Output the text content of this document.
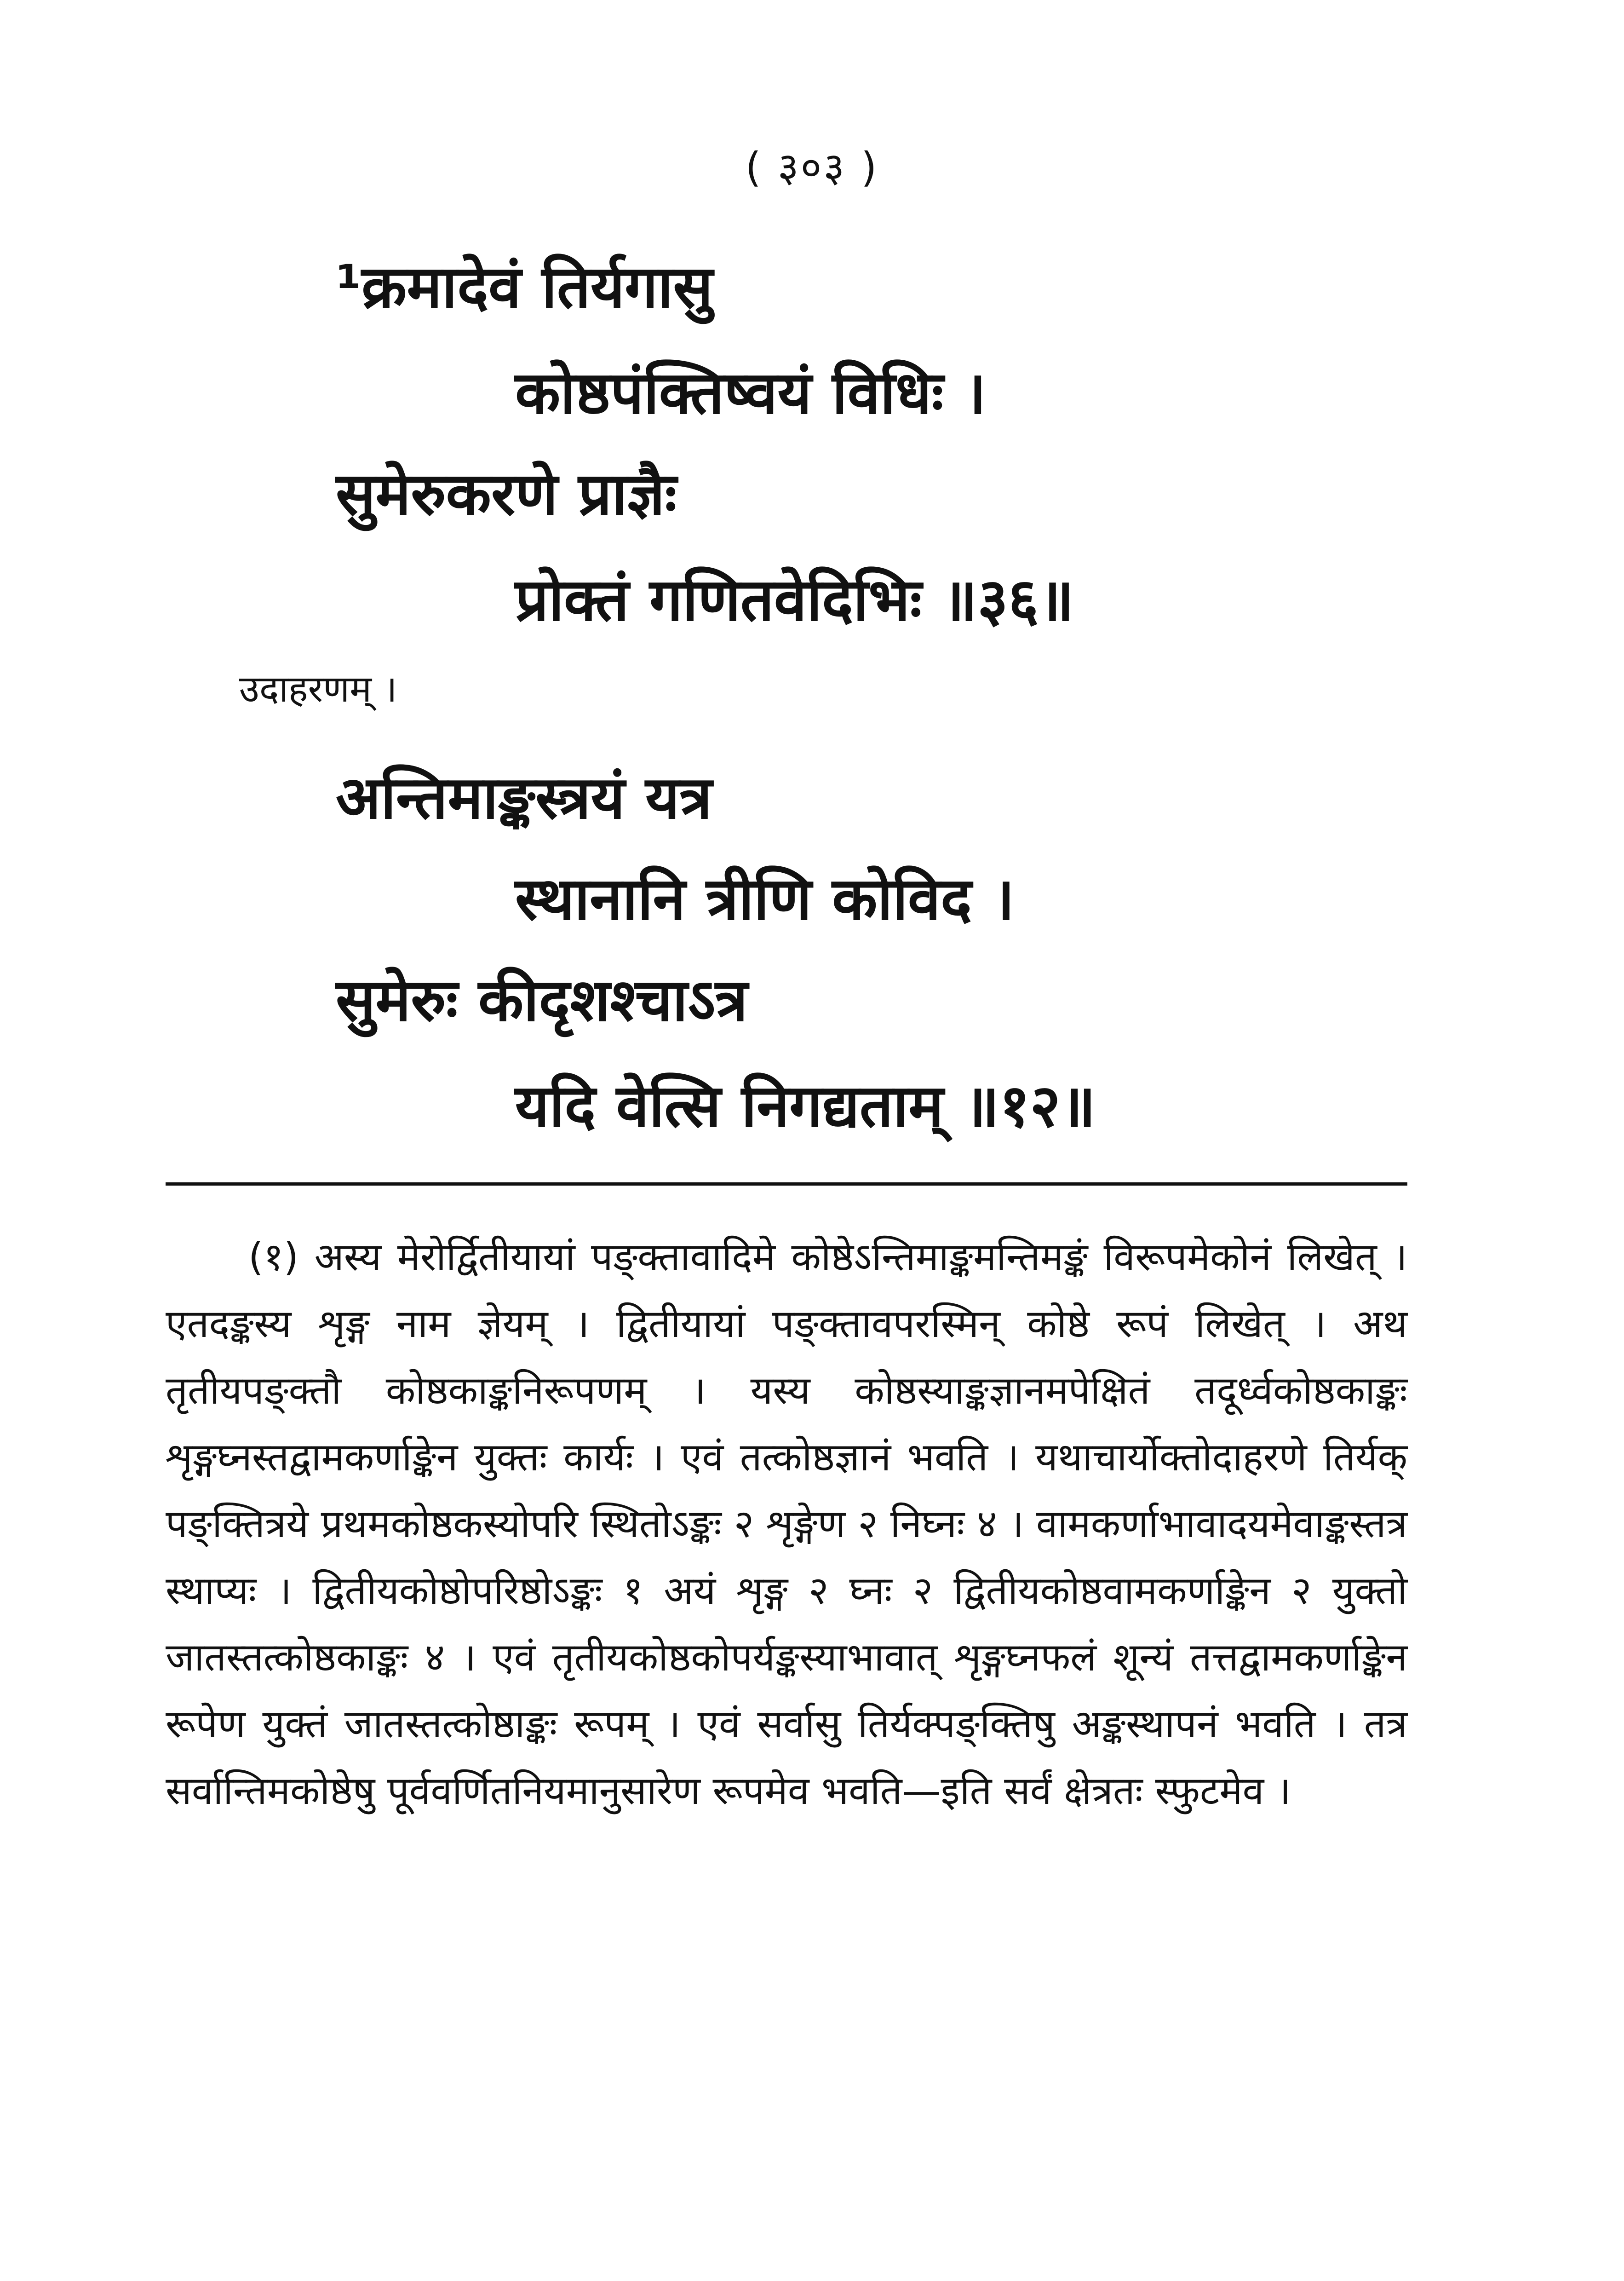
( ३०३ )
¹क्रमादेवं तिर्यगासु
कोष्ठपंक्तिष्वयं विधिः ।
सुमेरुकरणे प्राज्ञैः
प्रोक्तं गणितवेदिभिः ॥३६॥
उदाहरणम् ।
अन्तिमाङ्कस्त्रयं यत्र
स्थानानि त्रीणि कोविद ।
सुमेरुः कीदृशश्चाऽत्र
यदि वेत्सि निगद्यताम् ॥१२॥
(१) अस्य मेरोर्द्वितीयायां पङ्क्तावादिमे कोष्ठेऽन्तिमाङ्कमन्तिमङ्कं विरूपमेकोनं लिखेत् । एतदङ्कस्य शृङ्ग नाम ज्ञेयम् । द्वितीयायां पङ्क्तावपरस्मिन् कोष्ठे रूपं लिखेत् । अथ तृतीयपङ्क्तौ कोष्ठकाङ्कनिरूपणम् । यस्य कोष्ठस्याङ्कज्ञानमपेक्षितं तदूर्ध्वकोष्ठकाङ्कः शृङ्गघ्नस्तद्वामकर्णाङ्केन युक्तः कार्यः । एवं तत्कोष्ठज्ञानं भवति । यथाचार्योक्तोदाहरणे तिर्यक् पङ्क्तित्रये प्रथमकोष्ठकस्योपरि स्थितोऽङ्कः २ शृङ्गेण २ निघ्नः ४ । वामकर्णाभावादयमेवाङ्कस्तत्र स्थाप्यः । द्वितीयकोष्ठोपरिष्ठोऽङ्कः १ अयं शृङ्ग २ घ्नः २ द्वितीयकोष्ठवामकर्णाङ्केन २ युक्तो जातस्तत्कोष्ठकाङ्कः ४ । एवं तृतीयकोष्ठकोपर्यङ्कस्याभावात् शृङ्गघ्नफलं शून्यं तत्तद्वामकर्णाङ्केन रूपेण युक्तं जातस्तत्कोष्ठाङ्कः रूपम् । एवं सर्वासु तिर्यक्पङ्क्तिषु अङ्कस्थापनं भवति । तत्र सर्वान्तिमकोष्ठेषु पूर्ववर्णितनियमानुसारेण रूपमेव भवति—इति सर्वं क्षेत्रतः स्फुटमेव ।
